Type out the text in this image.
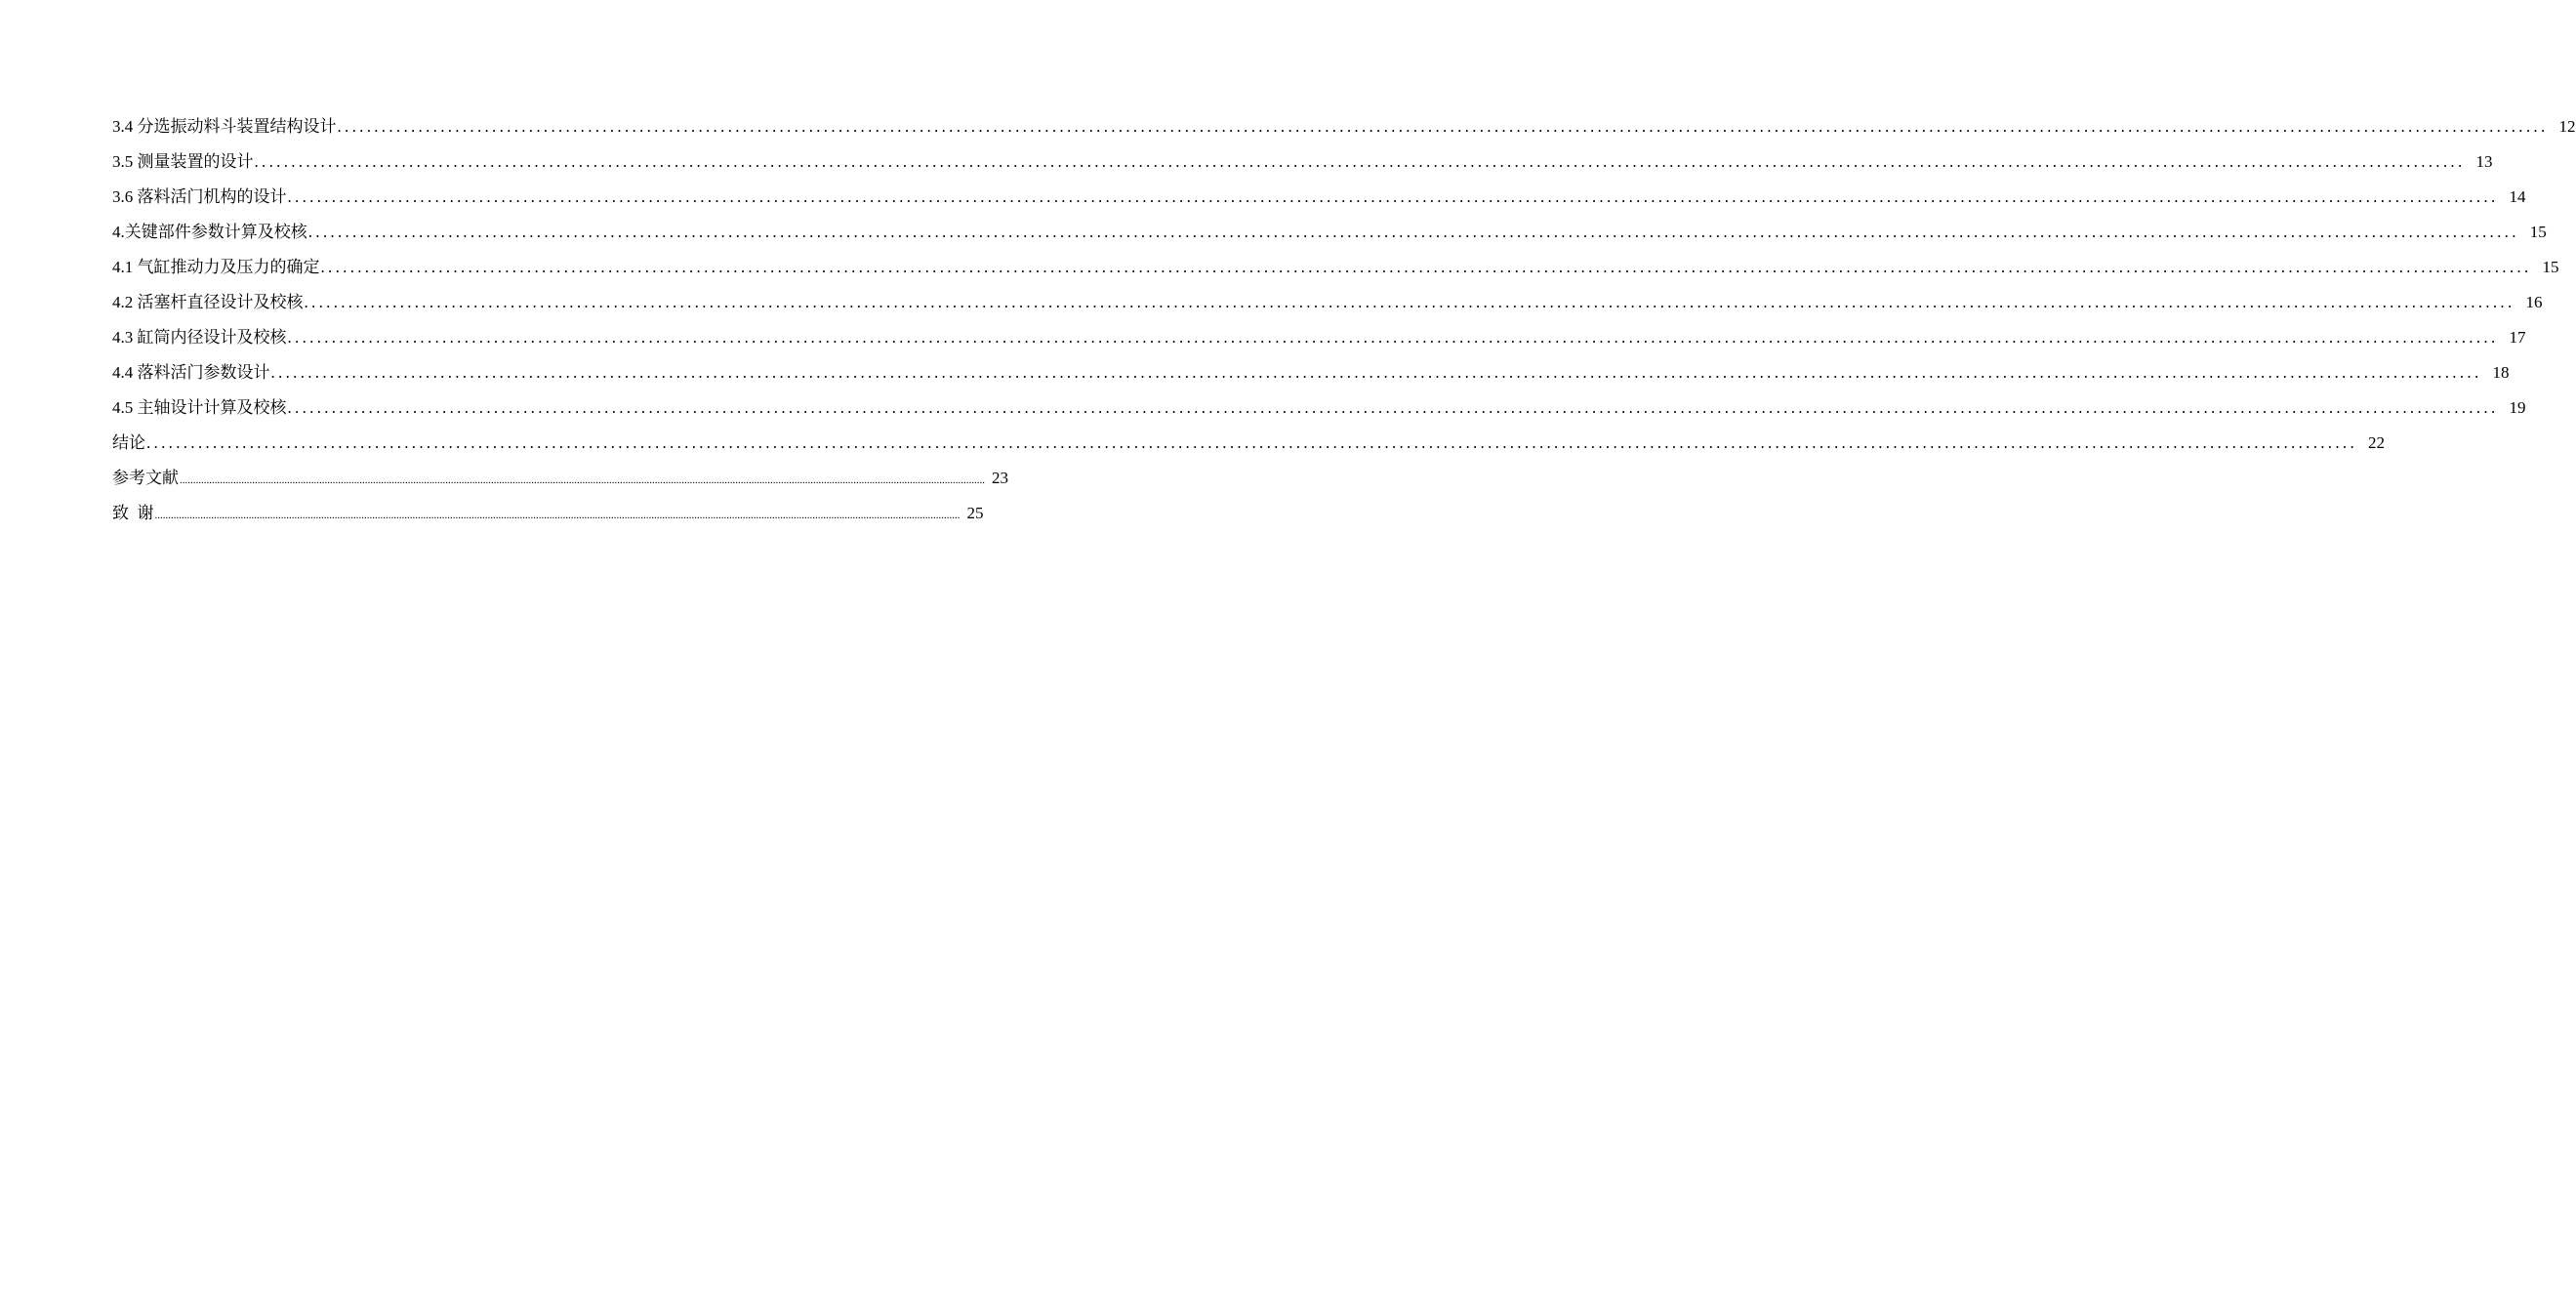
3.4 分选振动料斗装置结构设计 ............................................................................................................................................................................................................................................................................................................ 12
3.5 测量装置的设计 ............................................................................................................................................................................................................................................................................................................ 13
3.6 落料活门机构的设计 ............................................................................................................................................................................................................................................................................................................ 14
4.关键部件参数计算及校核 ............................................................................................................................................................................................................................................................................................................ 15
4.1 气缸推动力及压力的确定 ............................................................................................................................................................................................................................................................................................................ 15
4.2 活塞杆直径设计及校核 ............................................................................................................................................................................................................................................................................................................ 16
4.3 缸筒内径设计及校核 ............................................................................................................................................................................................................................................................................................................ 17
4.4 落料活门参数设计 ............................................................................................................................................................................................................................................................................................................ 18
4.5 主轴设计计算及校核 ............................................................................................................................................................................................................................................................................................................ 19
结论 ............................................................................................................................................................................................................................................................................................................ 22
参考文献 ............................................................................................................................................................................................................................................................................................................ 23
致  谢 ............................................................................................................................................................................................................................................................................................................ 25
